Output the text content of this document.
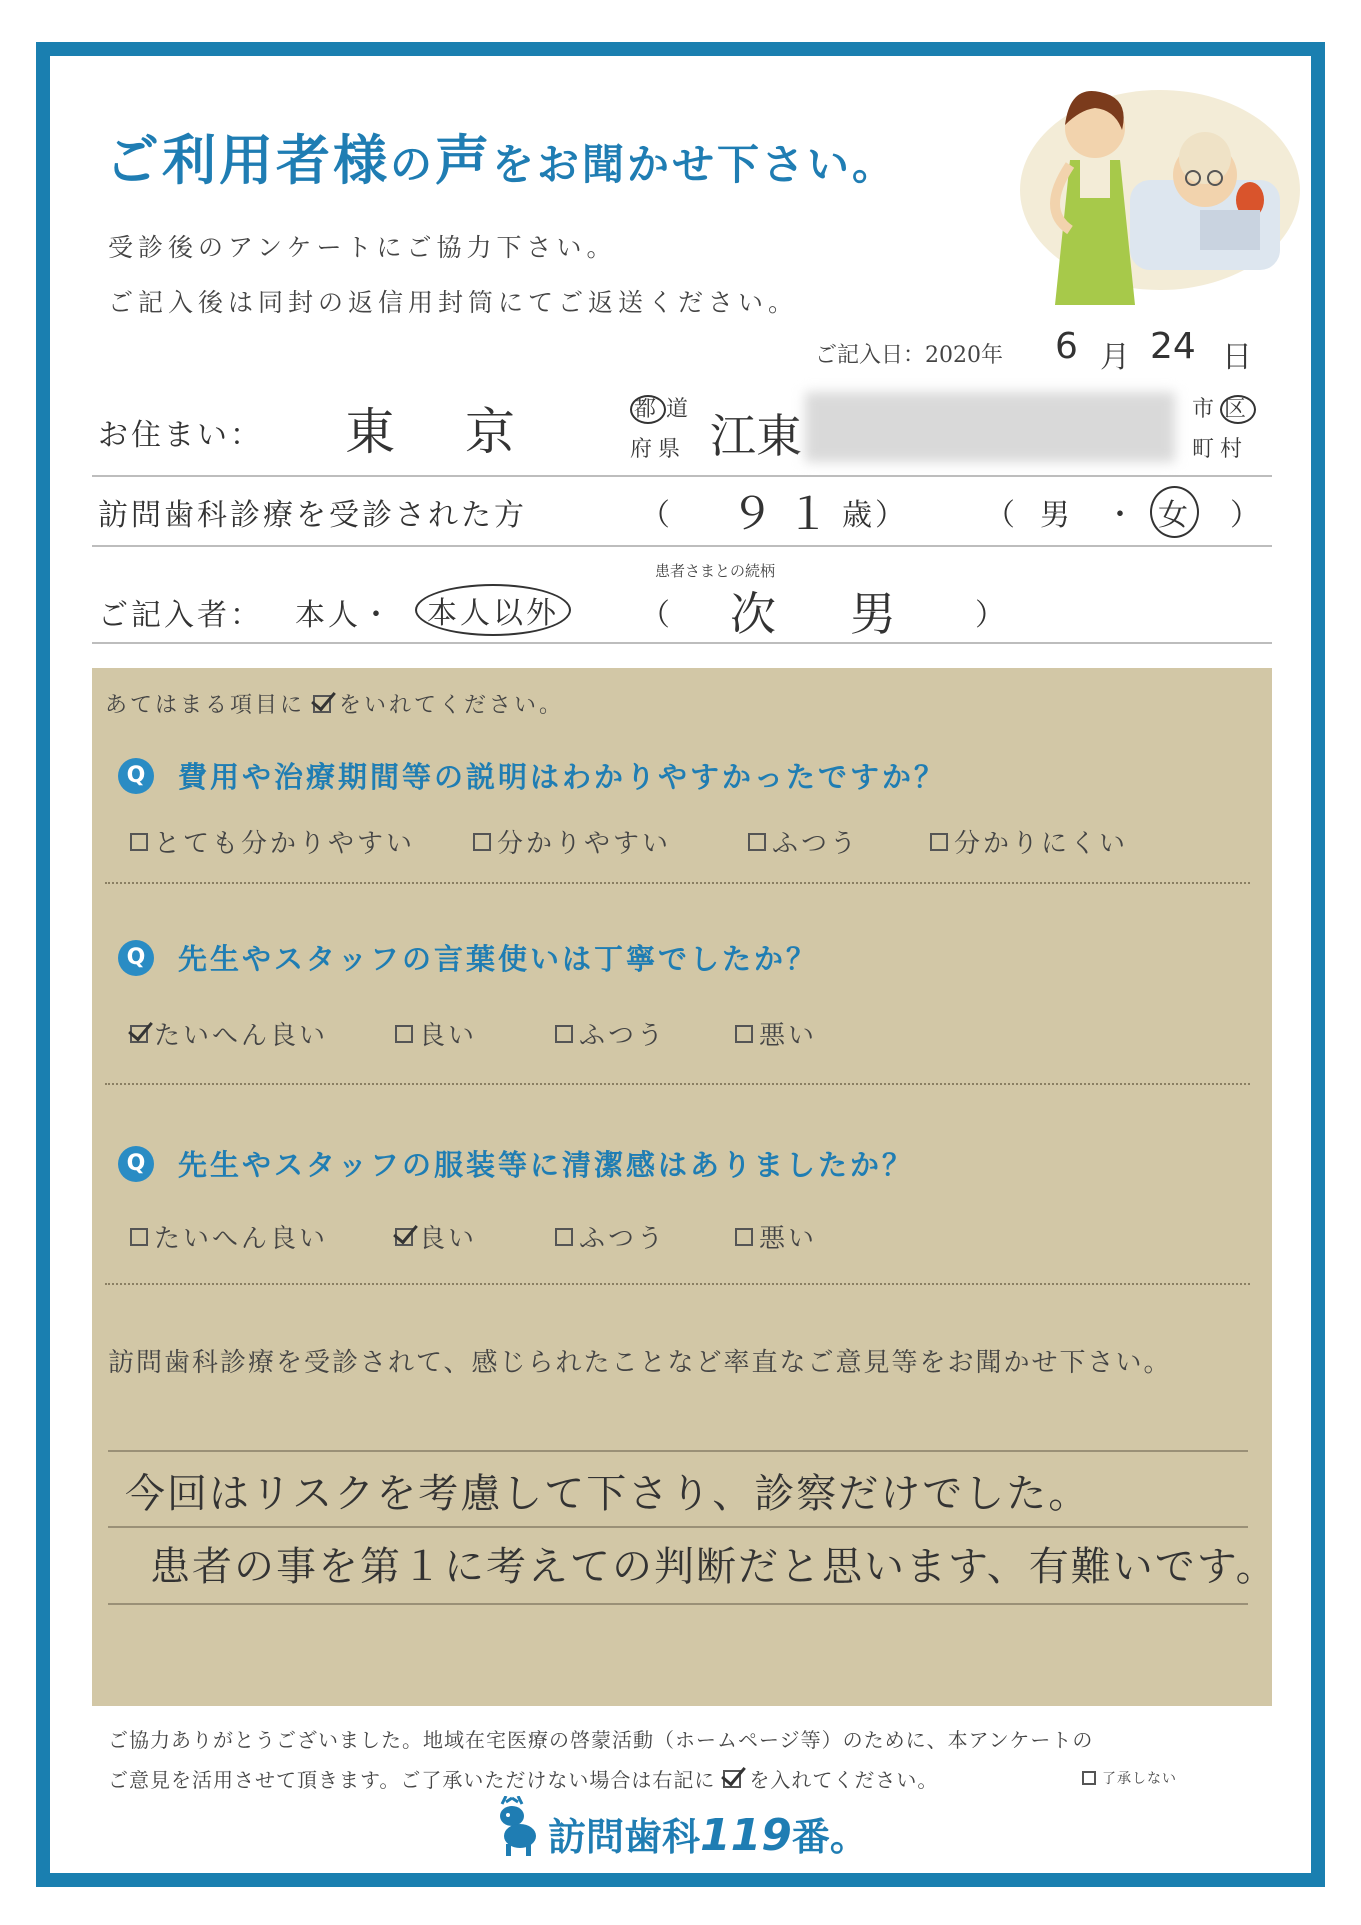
ご利用者様の声をお聞かせ下さい。
受診後のアンケートにご協力下さい。
ご記入後は同封の返信用封筒にてご返送ください。
ご記入日：2020年 6 月 24 日
お住まい： 東　京	都 道
府県 江東	市 区
町村
訪問歯科診療を受診された方	（ ９１ 歳）	（ 男 ・ 女 ）
患者さまとの続柄
ご記入者： 本人・	本人以外	（ 次　男 ）
あてはまる項目に をいれてください。
Q 費用や治療期間等の説明はわかりやすかったですか？
とても分かりやすい	分かりやすい	ふつう	分かりにくい
Q 先生やスタッフの言葉使いは丁寧でしたか？
たいへん良い	良い	ふつう	悪い
Q 先生やスタッフの服装等に清潔感はありましたか？
たいへん良い	良い	ふつう	悪い
訪問歯科診療を受診されて、感じられたことなど率直なご意見等をお聞かせ下さい。
今回はリスクを考慮して下さり、診察だけでした。
患者の事を第１に考えての判断だと思います、有難いです。
ご協力ありがとうございました。地域在宅医療の啓蒙活動（ホームページ等）のために、本アンケートの
ご意見を活用させて頂きます。ご了承いただけない場合は右記に を入れてください。	了承しない
訪問歯科119番。
